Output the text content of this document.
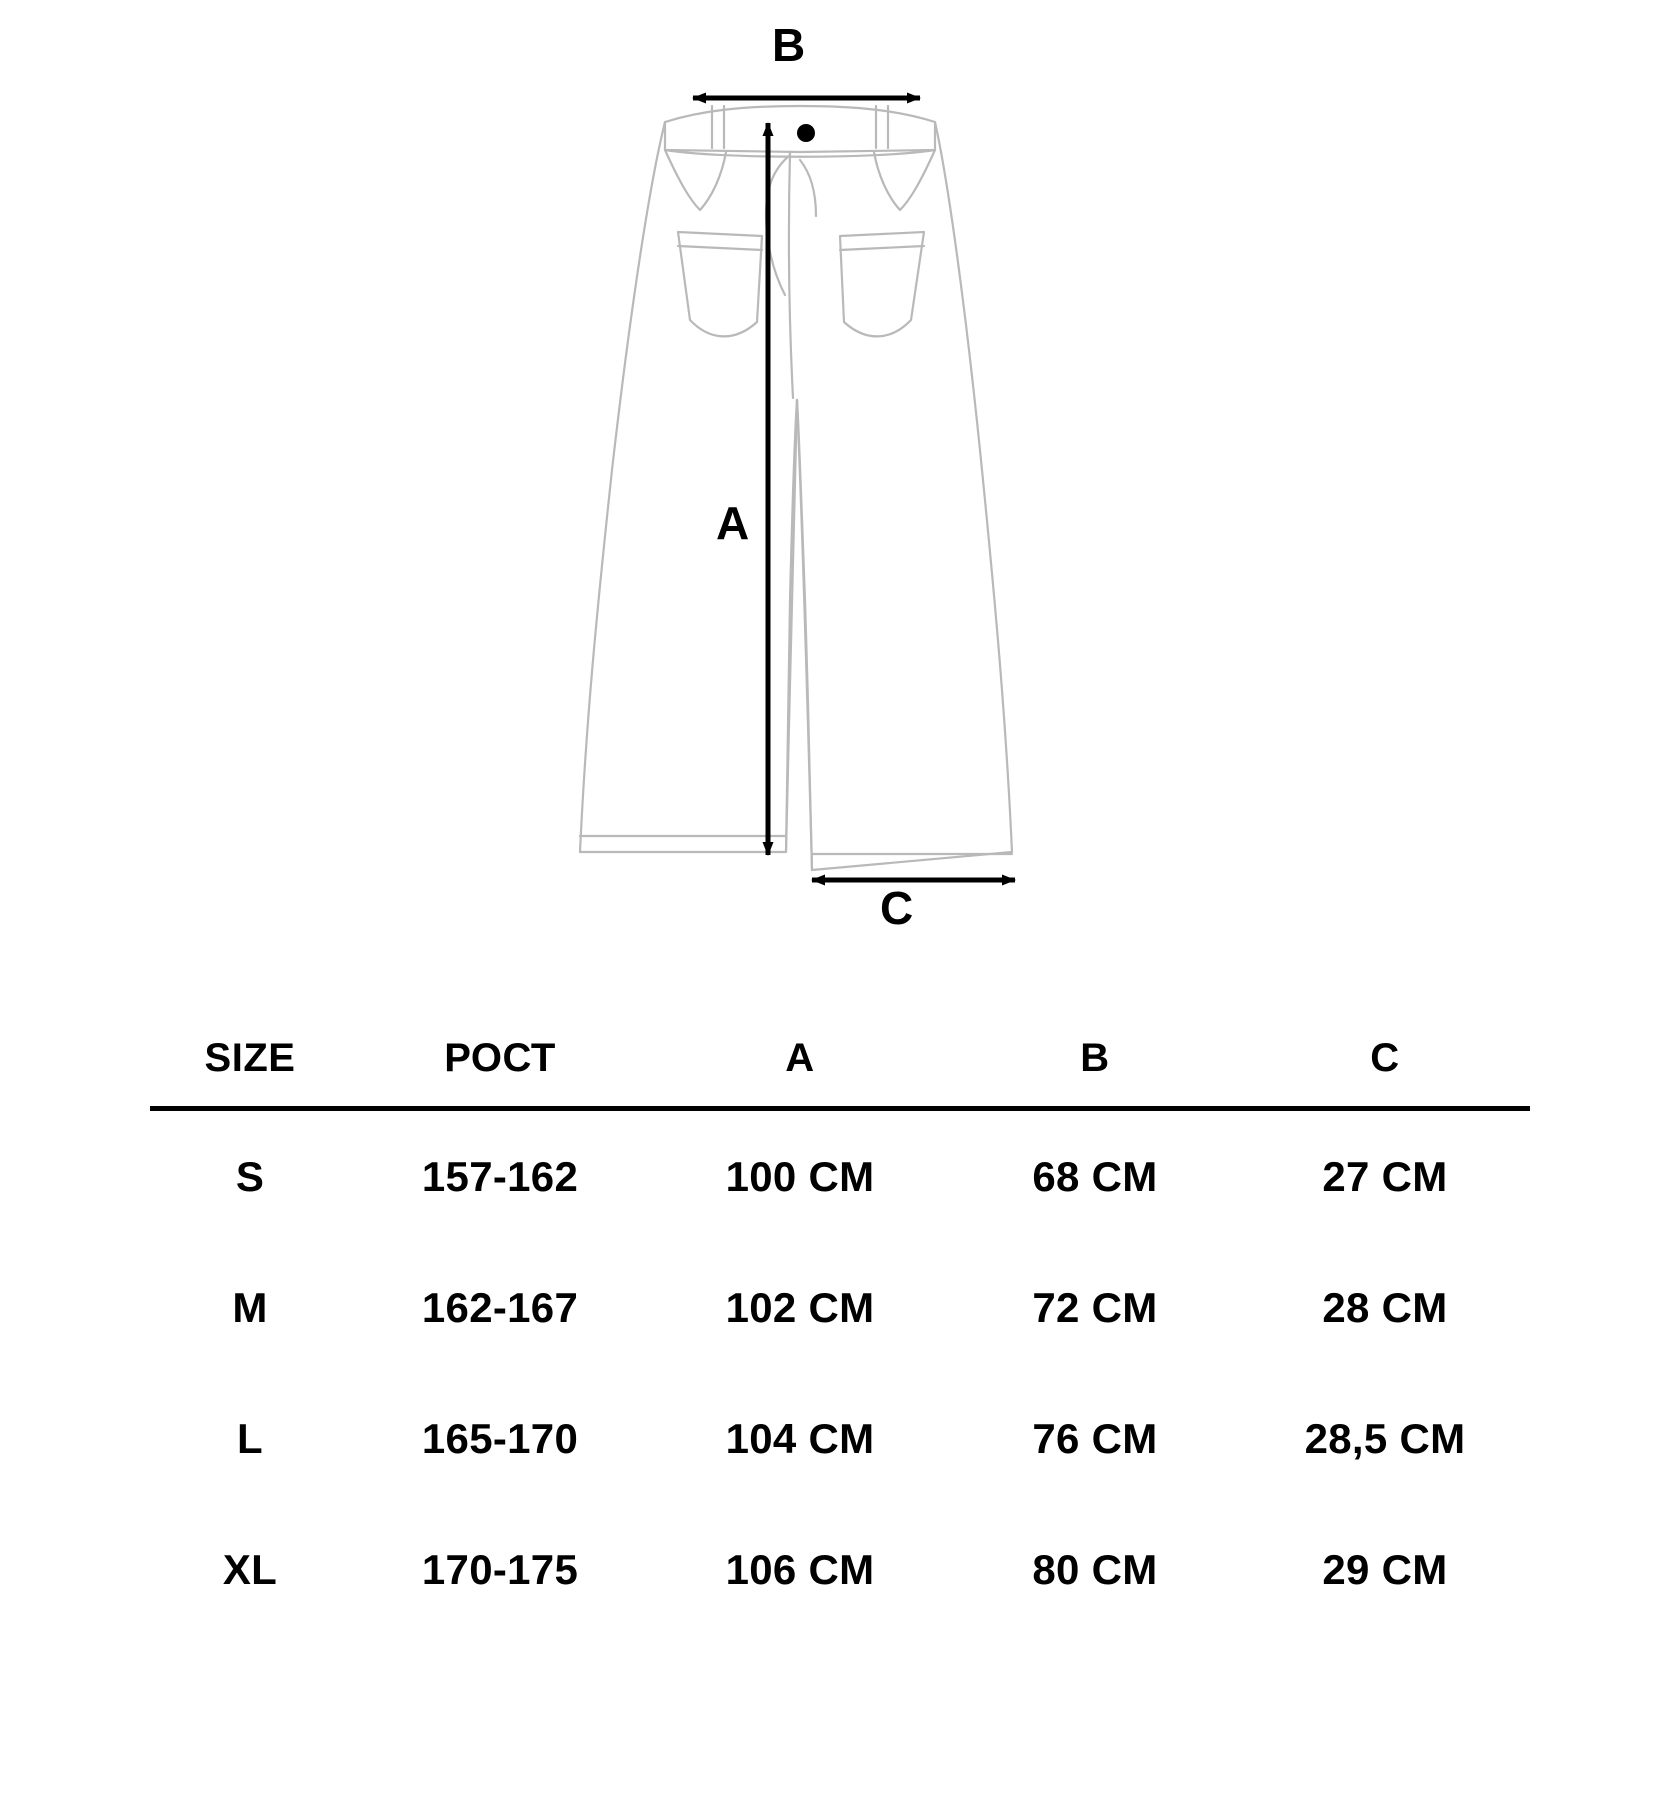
B
A
C
SIZE	РОСТ	A	B	C
S	157-162	100 CM	68 CM	27 CM
M	162-167	102 CM	72 CM	28 CM
L	165-170	104 CM	76 CM	28,5 CM
XL	170-175	106 CM	80 CM	29 CM
